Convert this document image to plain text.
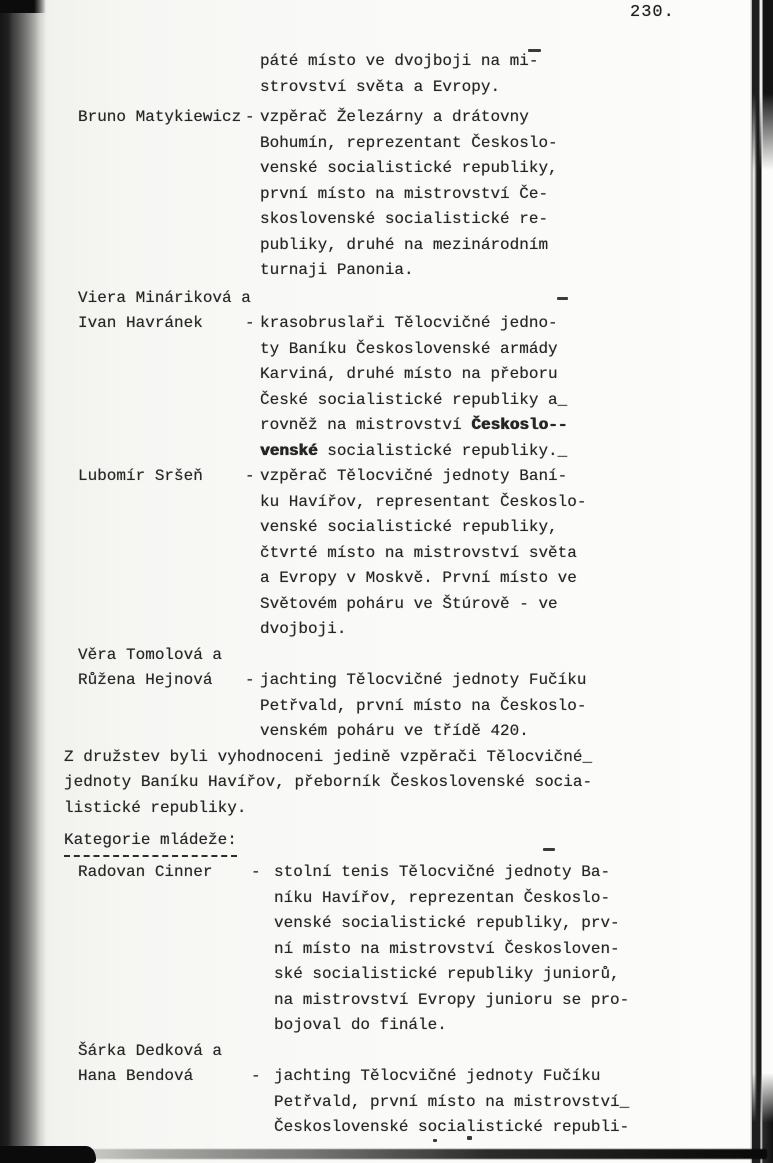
230.
páté místo ve dvojboji na mi-
strovství světa a Evropy.
Bruno Matykiewicz - vzpěrač Železárny a drátovny
Bohumín, reprezentant Českoslo-
venské socialistické republiky,
první místo na mistrovství Če-
skoslovenské socialistické re-
publiky, druhé na mezinárodním
turnaji Panonia.
Viera Mináriková a
Ivan Havránek	- krasobruslaři Tělocvičné jedno-
ty Baníku Československé armády
Karviná, druhé místo na přeboru
České socialistické republiky a_
rovněž na mistrovství Českoslo--
venské socialistické republiky._
Lubomír Sršeň	- vzpěrač Tělocvičné jednoty Baní-
ku Havířov, representant Českoslo-
venské socialistické republiky,
čtvrté místo na mistrovství světa
a Evropy v Moskvě. První místo ve
Světovém poháru ve Štúrově - ve
dvojboji.
Věra Tomolová a
Růžena Hejnová - jachting Tělocvičné jednoty Fučíku
Petřvald, první místo na Českoslo-
venském poháru ve třídě 420.
Z družstev byli vyhodnoceni jedině vzpěrači Tělocvičné_
jednoty Baníku Havířov, přeborník Československé socia-
listické republiky.
Kategorie mládeže:
Radovan Cinner - stolní tenis Tělocvičné jednoty Ba-
níku Havířov, reprezentan Českoslo-
venské socialistické republiky, prv-
ní místo na mistrovství Českosloven-
ské socialistické republiky juniorů,
na mistrovství Evropy junioru se pro-
bojoval do finále.
Šárka Dedková a
Hana Bendová	- jachting Tělocvičné jednoty Fučíku
Petřvald, první místo na mistrovství_
Československé socialistické republi-
